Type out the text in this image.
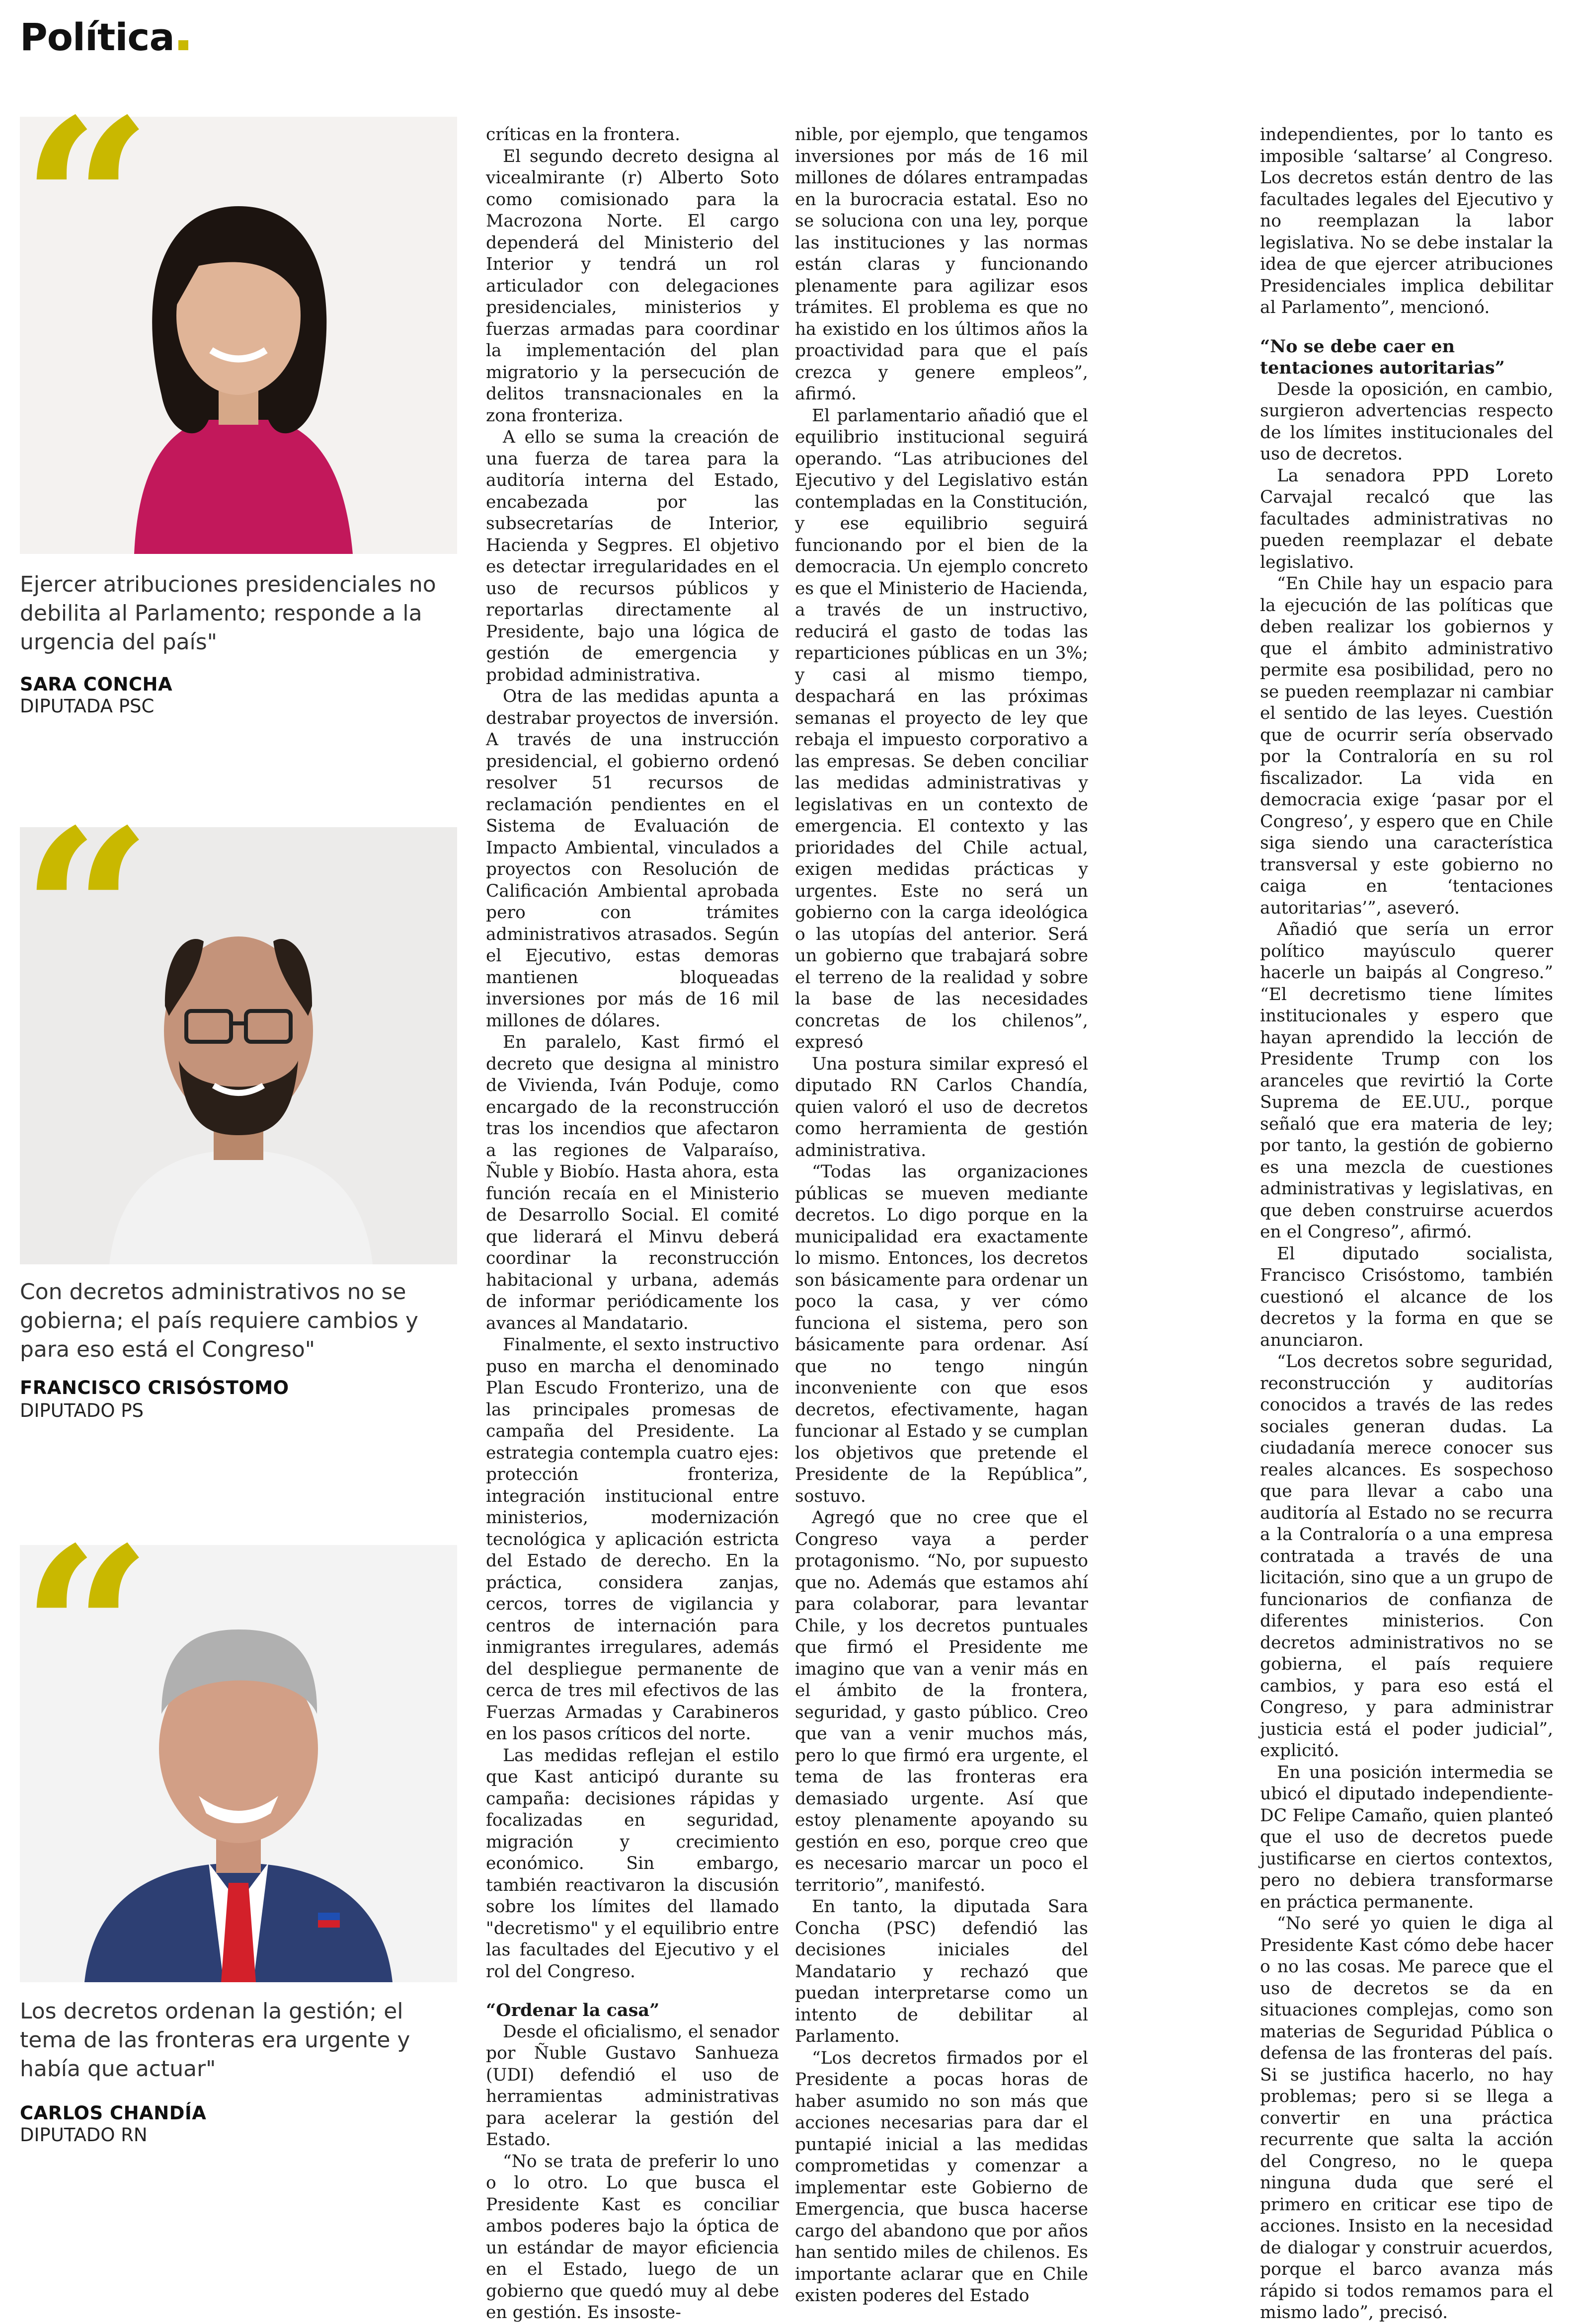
Política
“

Ejercer atribuciones presidenciales no debilita al Parlamento; responde a la urgencia del país"

SARA CONCHA
DIPUTADA PSC
“

Con decretos administrativos no se gobierna; el país requiere cambios y para eso está el Congreso"

FRANCISCO CRISÓSTOMO
DIPUTADO PS
“

Los decretos ordenan la gestión; el tema de las fronteras era urgente y había que actuar"

CARLOS CHANDÍA
DIPUTADO RN

críticas en la frontera.

El segundo decreto designa al vicealmirante (r) Alberto Soto como comisionado para la Macrozona Norte. El cargo dependerá del Ministerio del Interior y tendrá un rol articulador con delegaciones presidenciales, ministerios y fuerzas armadas para coordinar la implementación del plan migratorio y la persecución de delitos transnacionales en la zona fronteriza.

A ello se suma la creación de una fuerza de tarea para la auditoría interna del Estado, encabezada por las subsecretarías de Interior, Hacienda y Segpres. El objetivo es detectar irregularidades en el uso de recursos públicos y reportarlas directamente al Presidente, bajo una lógica de gestión de emergencia y probidad administrativa.

Otra de las medidas apunta a destrabar proyectos de inversión. A través de una instrucción presidencial, el gobierno ordenó resolver 51 recursos de reclamación pendientes en el Sistema de Evaluación de Impacto Ambiental, vinculados a proyectos con Resolución de Calificación Ambiental aprobada pero con trámites administrativos atrasados. Según el Ejecutivo, estas demoras mantienen bloqueadas inversiones por más de 16 mil millones de dólares.

En paralelo, Kast firmó el decreto que designa al ministro de Vivienda, Iván Poduje, como encargado de la reconstrucción tras los incendios que afectaron a las regiones de Valparaíso, Ñuble y Biobío. Hasta ahora, esta función recaía en el Ministerio de Desarrollo Social. El comité que liderará el Minvu deberá coordinar la reconstrucción habitacional y urbana, además de informar periódicamente los avances al Mandatario.

Finalmente, el sexto instructivo puso en marcha el denominado Plan Escudo Fronterizo, una de las principales promesas de campaña del Presidente. La estrategia contempla cuatro ejes: protección fronteriza, integración institucional entre ministerios, modernización tecnológica y aplicación estricta del Estado de derecho. En la práctica, considera zanjas, cercos, torres de vigilancia y centros de internación para inmigrantes irregulares, además del despliegue permanente de cerca de tres mil efectivos de las Fuerzas Armadas y Carabineros en los pasos críticos del norte.

Las medidas reflejan el estilo que Kast anticipó durante su campaña: decisiones rápidas y focalizadas en seguridad, migración y crecimiento económico. Sin embargo, también reactivaron la discusión sobre los límites del llamado "decretismo" y el equilibrio entre las facultades del Ejecutivo y el rol del Congreso.

“Ordenar la casa”

Desde el oficialismo, el senador por Ñuble Gustavo Sanhueza (UDI) defendió el uso de herramientas administrativas para acelerar la gestión del Estado.

“No se trata de preferir lo uno o lo otro. Lo que busca el Presidente Kast es conciliar ambos poderes bajo la óptica de un estándar de mayor eficiencia en el Estado, luego de un gobierno que quedó muy al debe en gestión. Es insoste-

nible, por ejemplo, que tengamos inversiones por más de 16 mil millones de dólares entrampadas en la burocracia estatal. Eso no se soluciona con una ley, porque las instituciones y las normas están claras y funcionando plenamente para agilizar esos trámites. El problema es que no ha existido en los últimos años la proactividad para que el país crezca y genere empleos”, afirmó.

El parlamentario añadió que el equilibrio institucional seguirá operando. “Las atribuciones del Ejecutivo y del Legislativo están contempladas en la Constitución, y ese equilibrio seguirá funcionando por el bien de la democracia. Un ejemplo concreto es que el Ministerio de Hacienda, a través de un instructivo, reducirá el gasto de todas las reparticiones públicas en un 3%; y casi al mismo tiempo, despachará en las próximas semanas el proyecto de ley que rebaja el impuesto corporativo a las empresas. Se deben conciliar las medidas administrativas y legislativas en un contexto de emergencia. El contexto y las prioridades del Chile actual, exigen medidas prácticas y urgentes. Este no será un gobierno con la carga ideológica o las utopías del anterior. Será un gobierno que trabajará sobre el terreno de la realidad y sobre la base de las necesidades concretas de los chilenos”, expresó

Una postura similar expresó el diputado RN Carlos Chandía, quien valoró el uso de decretos como herramienta de gestión administrativa.

“Todas las organizaciones públicas se mueven mediante decretos. Lo digo porque en la municipalidad era exactamente lo mismo. Entonces, los decretos son básicamente para ordenar un poco la casa, y ver cómo funciona el sistema, pero son básicamente para ordenar. Así que no tengo ningún inconveniente con que esos decretos, efectivamente, hagan funcionar al Estado y se cumplan los objetivos que pretende el Presidente de la República”, sostuvo.

Agregó que no cree que el Congreso vaya a perder protagonismo. “No, por supuesto que no. Además que estamos ahí para colaborar, para levantar Chile, y los decretos puntuales que firmó el Presidente me imagino que van a venir más en el ámbito de la frontera, seguridad, y gasto público. Creo que van a venir muchos más, pero lo que firmó era urgente, el tema de las fronteras era demasiado urgente. Así que estoy plenamente apoyando su gestión en eso, porque creo que es necesario marcar un poco el territorio”, manifestó.

En tanto, la diputada Sara Concha (PSC) defendió las decisiones iniciales del Mandatario y rechazó que puedan interpretarse como un intento de debilitar al Parlamento.

“Los decretos firmados por el Presidente a pocas horas de haber asumido no son más que acciones necesarias para dar el puntapié inicial a las medidas comprometidas y comenzar a implementar este Gobierno de Emergencia, que busca hacerse cargo del abandono que por años han sentido miles de chilenos. Es importante aclarar que en Chile existen poderes del Estado

independientes, por lo tanto es imposible ‘saltarse’ al Congreso. Los decretos están dentro de las facultades legales del Ejecutivo y no reemplazan la labor legislativa. No se debe instalar la idea de que ejercer atribuciones Presidenciales implica debilitar al Parlamento”, mencionó.

“No se debe caer en tentaciones autoritarias”

Desde la oposición, en cambio, surgieron advertencias respecto de los límites institucionales del uso de decretos.

La senadora PPD Loreto Carvajal recalcó que las facultades administrativas no pueden reemplazar el debate legislativo.

“En Chile hay un espacio para la ejecución de las políticas que deben realizar los gobiernos y que el ámbito administrativo permite esa posibilidad, pero no se pueden reemplazar ni cambiar el sentido de las leyes. Cuestión que de ocurrir sería observado por la Contraloría en su rol fiscalizador. La vida en democracia exige ‘pasar por el Congreso’, y espero que en Chile siga siendo una característica transversal y este gobierno no caiga en ‘tentaciones autoritarias’”, aseveró.

Añadió que sería un error político mayúsculo querer hacerle un baipás al Congreso.” “El decretismo tiene límites institucionales y espero que hayan aprendido la lección de Presidente Trump con los aranceles que revirtió la Corte Suprema de EE.UU., porque señaló que era materia de ley; por tanto, la gestión de gobierno es una mezcla de cuestiones administrativas y legislativas, en que deben construirse acuerdos en el Congreso”, afirmó.

El diputado socialista, Francisco Crisóstomo, también cuestionó el alcance de los decretos y la forma en que se anunciaron.

“Los decretos sobre seguridad, reconstrucción y auditorías conocidos a través de las redes sociales generan dudas. La ciudadanía merece conocer sus reales alcances. Es sospechoso que para llevar a cabo una auditoría al Estado no se recurra a la Contraloría o a una empresa contratada a través de una licitación, sino que a un grupo de funcionarios de confianza de diferentes ministerios. Con decretos administrativos no se gobierna, el país requiere cambios, y para eso está el Congreso, y para administrar justicia está el poder judicial”, explicitó.

En una posición intermedia se ubicó el diputado independiente-DC Felipe Camaño, quien planteó que el uso de decretos puede justificarse en ciertos contextos, pero no debiera transformarse en práctica permanente.

“No seré yo quien le diga al Presidente Kast cómo debe hacer o no las cosas. Me parece que el uso de decretos se da en situaciones complejas, como son materias de Seguridad Pública o defensa de las fronteras del país. Si se justifica hacerlo, no hay problemas; pero si se llega a convertir en una práctica recurrente que salta la acción del Congreso, no le quepa ninguna duda que seré el primero en criticar ese tipo de acciones. Insisto en la necesidad de dialogar y construir acuerdos, porque el barco avanza más rápido si todos remamos para el mismo lado”, precisó.
